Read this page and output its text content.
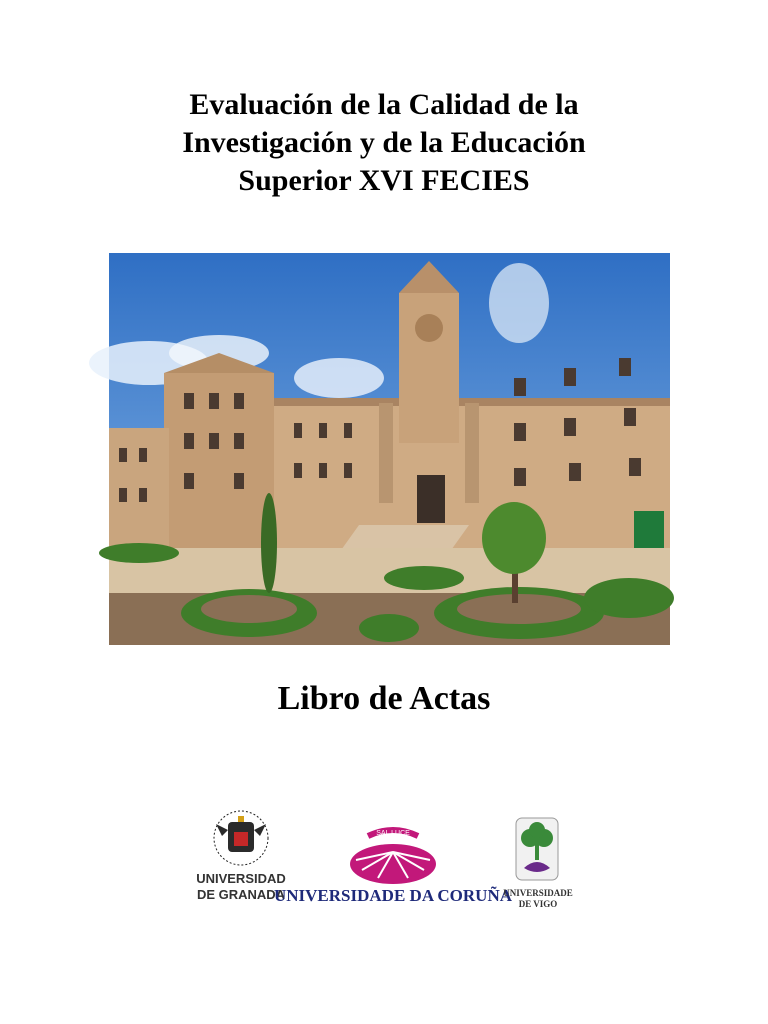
Evaluación de la Calidad de la
Investigación y de la Educación
Superior XVI FECIES
Libro de Actas
UNIVERSIDAD
DE GRANADA
SAL LUCE
UNIVERSIDADE DA CORUÑA
UNIVERSIDADE
DE VIGO
